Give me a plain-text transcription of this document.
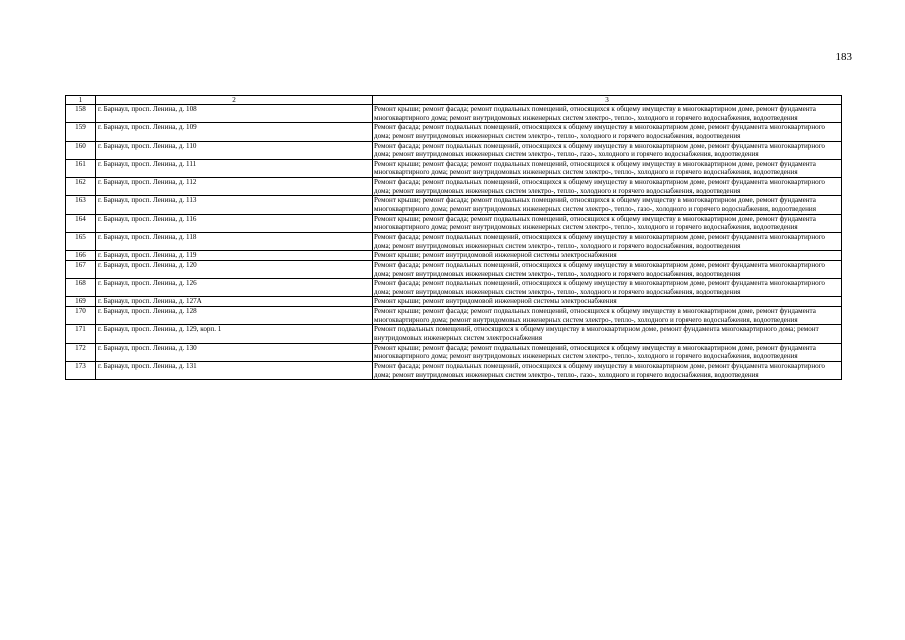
183
1	2	3
158	г. Барнаул, просп. Ленина, д. 108	Ремонт крыши; ремонт фасада; ремонт подвальных помещений, относящихся к общему имуществу в многоквартирном доме, ремонт фундамента многоквартирного дома; ремонт внутридомовых инженерных систем электро-, тепло-, холодного и горячего водоснабжения, водоотведения
159	г. Барнаул, просп. Ленина, д. 109	Ремонт фасада; ремонт подвальных помещений, относящихся к общему имуществу в многоквартирном доме, ремонт фундамента многоквартирного дома; ремонт внутридомовых инженерных систем электро-, тепло-, холодного и горячего водоснабжения, водоотведения
160	г. Барнаул, просп. Ленина, д. 110	Ремонт фасада; ремонт подвальных помещений, относящихся к общему имуществу в многоквартирном доме, ремонт фундамента многоквартирного дома; ремонт внутридомовых инженерных систем электро-, тепло-, газо-, холодного и горячего водоснабжения, водоотведения
161	г. Барнаул, просп. Ленина, д. 111	Ремонт крыши; ремонт фасада; ремонт подвальных помещений, относящихся к общему имуществу в многоквартирном доме, ремонт фундамента многоквартирного дома; ремонт внутридомовых инженерных систем электро-, тепло-, холодного и горячего водоснабжения, водоотведения
162	г. Барнаул, просп. Ленина, д. 112	Ремонт фасада; ремонт подвальных помещений, относящихся к общему имуществу в многоквартирном доме, ремонт фундамента многоквартирного дома; ремонт внутридомовых инженерных систем электро-, тепло-, холодного и горячего водоснабжения, водоотведения
163	г. Барнаул, просп. Ленина, д. 113	Ремонт крыши; ремонт фасада; ремонт подвальных помещений, относящихся к общему имуществу в многоквартирном доме, ремонт фундамента многоквартирного дома; ремонт внутридомовых инженерных систем электро-, тепло-, газо-, холодного и горячего водоснабжения, водоотведения
164	г. Барнаул, просп. Ленина, д. 116	Ремонт крыши; ремонт фасада; ремонт подвальных помещений, относящихся к общему имуществу в многоквартирном доме, ремонт фундамента многоквартирного дома; ремонт внутридомовых инженерных систем электро-, тепло-, холодного и горячего водоснабжения, водоотведения
165	г. Барнаул, просп. Ленина, д. 118	Ремонт фасада; ремонт подвальных помещений, относящихся к общему имуществу в многоквартирном доме, ремонт фундамента многоквартирного дома; ремонт внутридомовых инженерных систем электро-, тепло-, холодного и горячего водоснабжения, водоотведения
166	г. Барнаул, просп. Ленина, д. 119	Ремонт крыши; ремонт внутридомовой инженерной системы электроснабжения
167	г. Барнаул, просп. Ленина, д. 120	Ремонт фасада; ремонт подвальных помещений, относящихся к общему имуществу в многоквартирном доме, ремонт фундамента многоквартирного дома; ремонт внутридомовых инженерных систем электро-, тепло-, холодного и горячего водоснабжения, водоотведения
168	г. Барнаул, просп. Ленина, д. 126	Ремонт фасада; ремонт подвальных помещений, относящихся к общему имуществу в многоквартирном доме, ремонт фундамента многоквартирного дома; ремонт внутридомовых инженерных систем электро-, тепло-, холодного и горячего водоснабжения, водоотведения
169	г. Барнаул, просп. Ленина, д. 127А	Ремонт крыши; ремонт внутридомовой инженерной системы электроснабжения
170	г. Барнаул, просп. Ленина, д. 128	Ремонт крыши; ремонт фасада; ремонт подвальных помещений, относящихся к общему имуществу в многоквартирном доме, ремонт фундамента многоквартирного дома; ремонт внутридомовых инженерных систем электро-, тепло-, холодного и горячего водоснабжения, водоотведения
171	г. Барнаул, просп. Ленина, д. 129, корп. 1	Ремонт подвальных помещений, относящихся к общему имуществу в многоквартирном доме, ремонт фундамента многоквартирного дома; ремонт внутридомовых инженерных систем электроснабжения
172	г. Барнаул, просп. Ленина, д. 130	Ремонт крыши; ремонт фасада; ремонт подвальных помещений, относящихся к общему имуществу в многоквартирном доме, ремонт фундамента многоквартирного дома; ремонт внутридомовых инженерных систем электро-, тепло-, холодного и горячего водоснабжения, водоотведения
173	г. Барнаул, просп. Ленина, д. 131	Ремонт фасада; ремонт подвальных помещений, относящихся к общему имуществу в многоквартирном доме, ремонт фундамента многоквартирного дома; ремонт внутридомовых инженерных систем электро-, тепло-, газо-, холодного и горячего водоснабжения, водоотведения
